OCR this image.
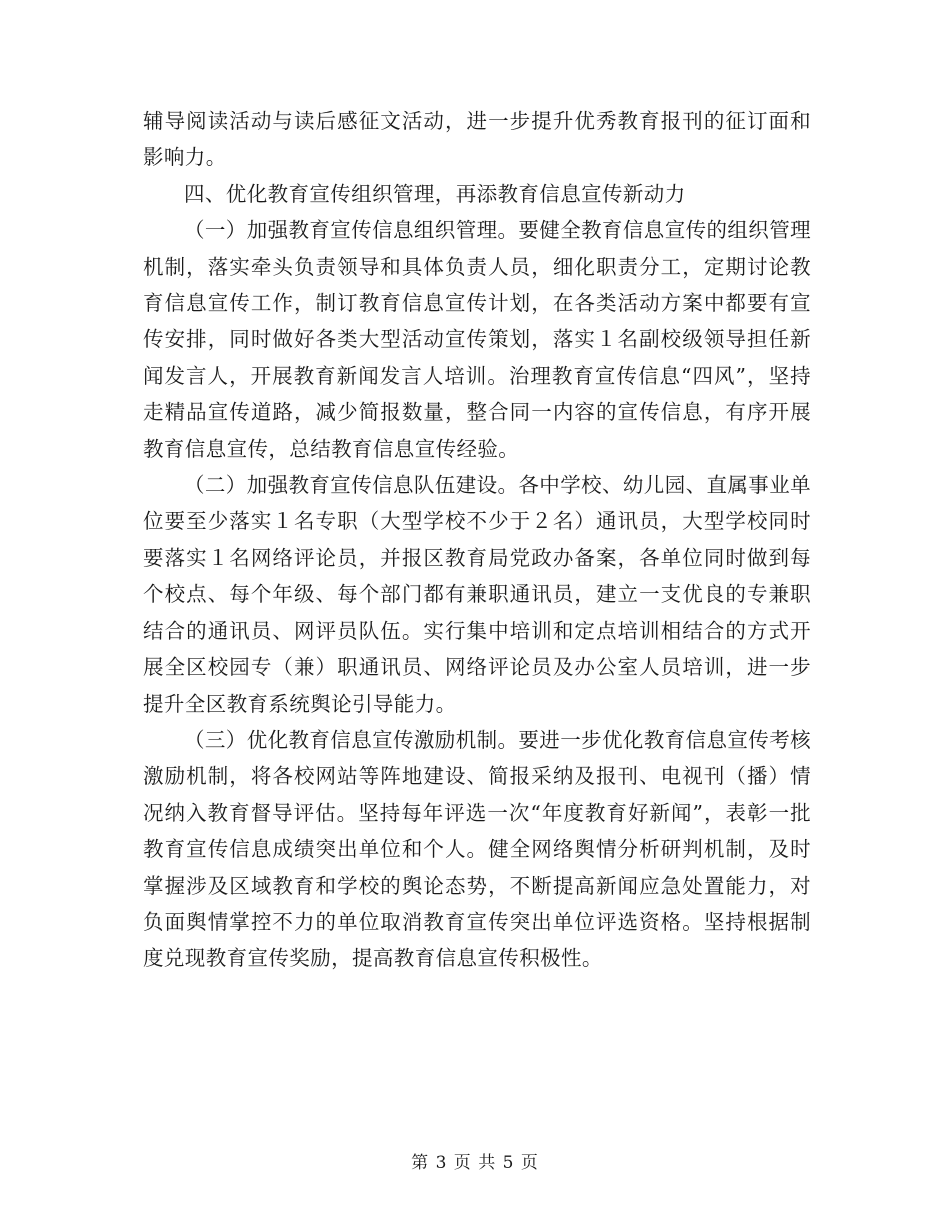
辅导阅读活动与读后感征文活动，进一步提升优秀教育报刊的征订面和影响力。

四、优化教育宣传组织管理，再添教育信息宣传新动力

（一）加强教育宣传信息组织管理。要健全教育信息宣传的组织管理机制，落实牵头负责领导和具体负责人员，细化职责分工，定期讨论教育信息宣传工作，制订教育信息宣传计划，在各类活动方案中都要有宣传安排，同时做好各类大型活动宣传策划，落实１名副校级领导担任新闻发言人，开展教育新闻发言人培训。治理教育宣传信息“四风”，坚持走精品宣传道路，减少简报数量，整合同一内容的宣传信息，有序开展教育信息宣传，总结教育信息宣传经验。

（二）加强教育宣传信息队伍建设。各中学校、幼儿园、直属事业单位要至少落实１名专职（大型学校不少于２名）通讯员，大型学校同时要落实１名网络评论员，并报区教育局党政办备案，各单位同时做到每个校点、每个年级、每个部门都有兼职通讯员，建立一支优良的专兼职结合的通讯员、网评员队伍。实行集中培训和定点培训相结合的方式开展全区校园专（兼）职通讯员、网络评论员及办公室人员培训，进一步提升全区教育系统舆论引导能力。

（三）优化教育信息宣传激励机制。要进一步优化教育信息宣传考核激励机制，将各校网站等阵地建设、简报采纳及报刊、电视刊（播）情况纳入教育督导评估。坚持每年评选一次“年度教育好新闻”，表彰一批教育宣传信息成绩突出单位和个人。健全网络舆情分析研判机制，及时掌握涉及区域教育和学校的舆论态势，不断提高新闻应急处置能力，对负面舆情掌控不力的单位取消教育宣传突出单位评选资格。坚持根据制度兑现教育宣传奖励，提高教育信息宣传积极性。

第 3 页 共 5 页
